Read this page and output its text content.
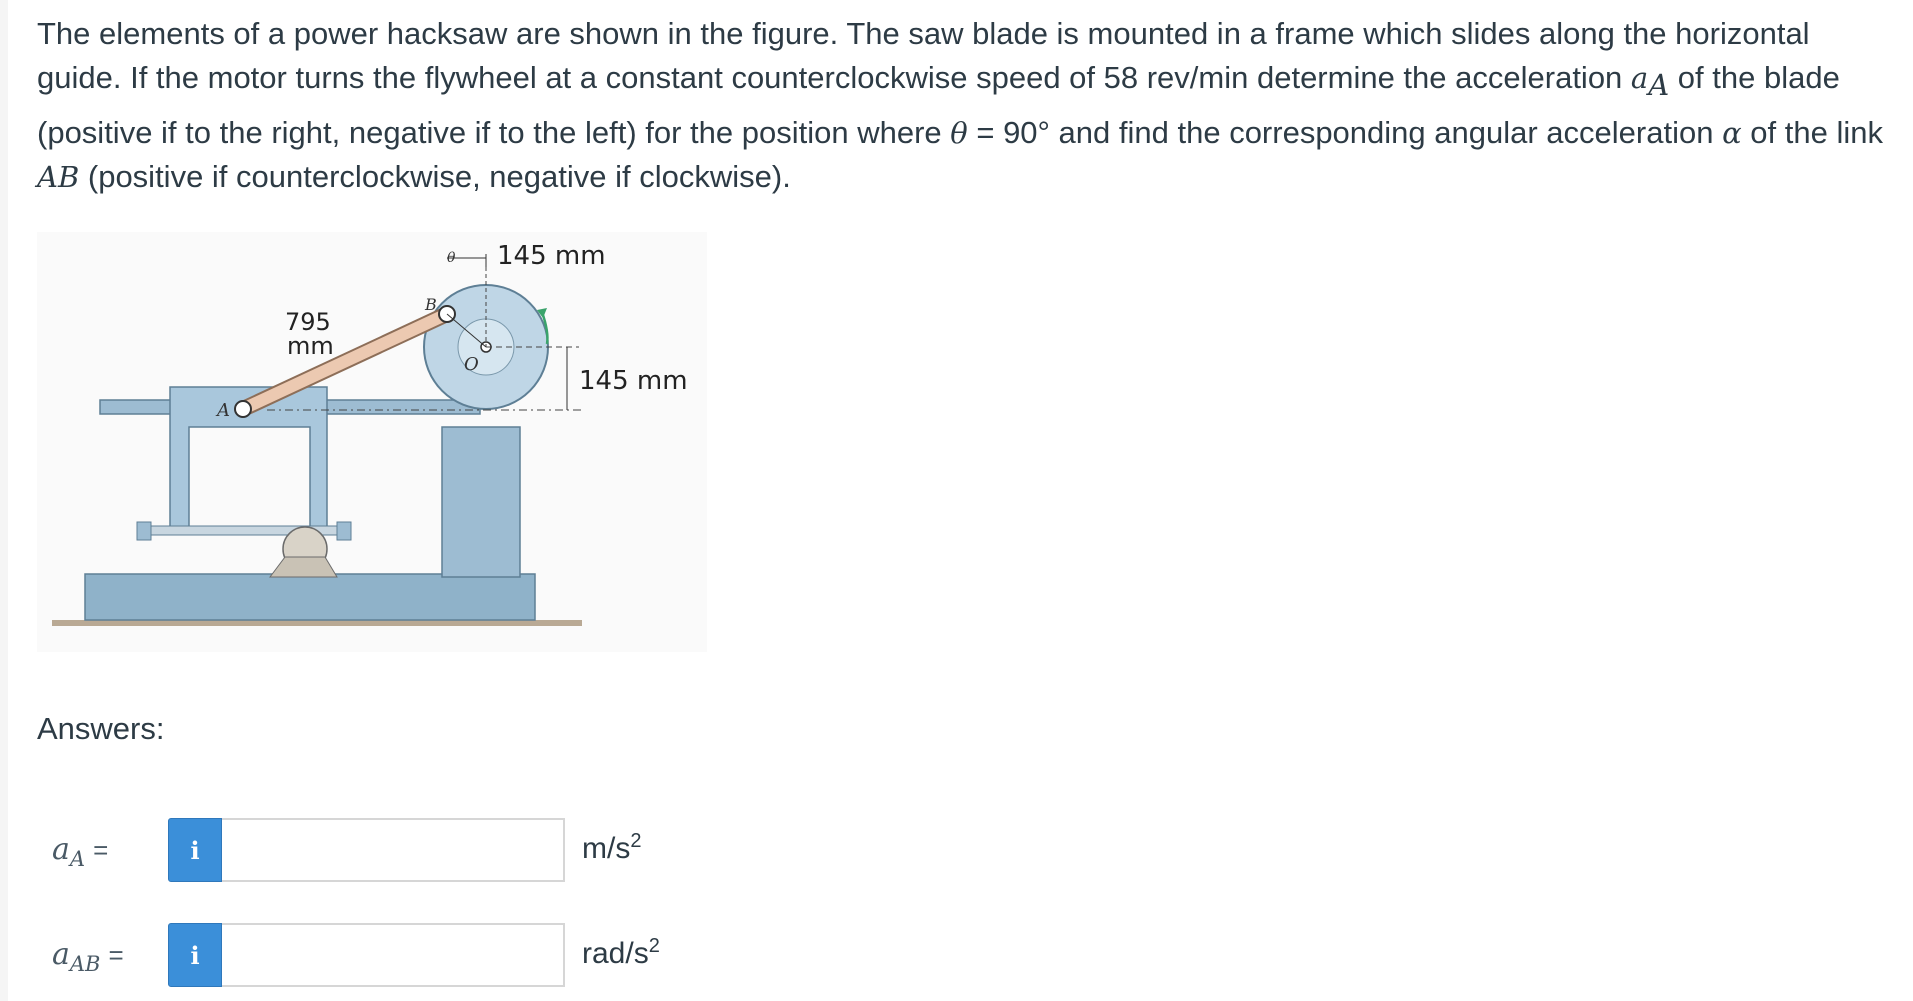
The elements of a power hacksaw are shown in the figure. The saw blade is mounted in a frame which slides along the horizontal guide. If the motor turns the flywheel at a constant counterclockwise speed of 58 rev/min determine the acceleration $a_A$ of the blade (positive if to the right, negative if to the left) for the position where θ = 90° and find the corresponding angular acceleration α of the link AB (positive if counterclockwise, negative if clockwise).

θ 145 mm
145 mm
795
mm
B
O
A
Answers:
$a_A$ =	i	$m/s^2$
$a_{AB}$ =	i	rad/$s^2$
